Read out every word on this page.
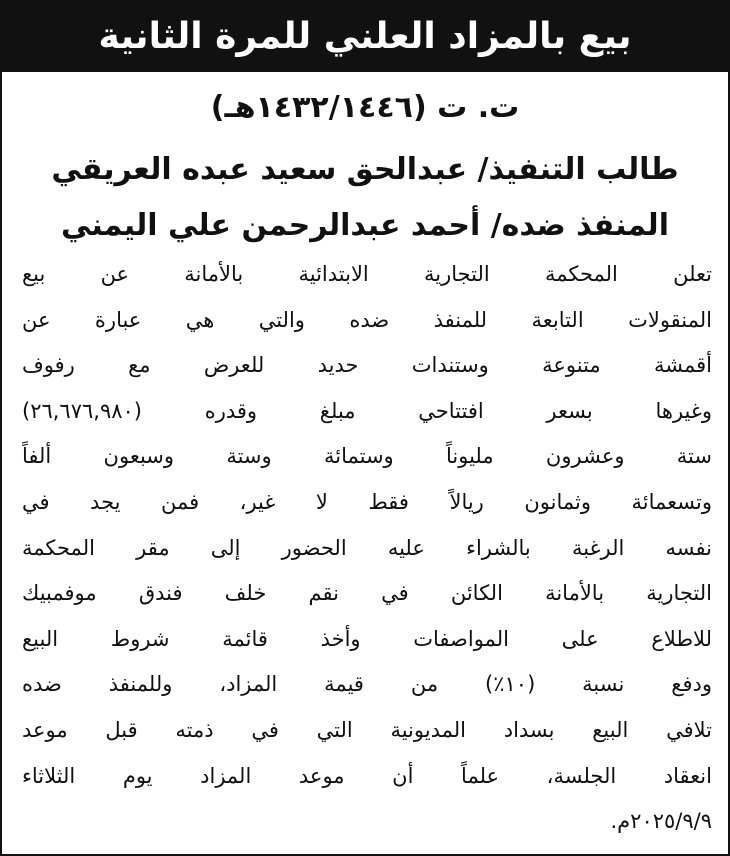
بيع بالمزاد العلني للمرة الثانية
ت. ت (١٤٣٢/١٤٤٦هـ)
طالب التنفيذ/ عبدالحق سعيد عبده العريقي
المنفذ ضده/ أحمد عبدالرحمن علي اليمني
تعلن المحكمة التجارية الابتدائية بالأمانة عن بيع
المنقولات التابعة للمنفذ ضده والتي هي عبارة عن
أقمشة متنوعة وستندات حديد للعرض مع رفوف
وغيرها بسعر افتتاحي مبلغ وقدره (٢٦,٦٧٦,٩٨٠)
ستة وعشرون مليوناً وستمائة وستة وسبعون ألفاً
وتسعمائة وثمانون ريالاً فقط لا غير، فمن يجد في
نفسه الرغبة بالشراء عليه الحضور إلى مقر المحكمة
التجارية بالأمانة الكائن في نقم خلف فندق موفمبيك
للاطلاع على المواصفات وأخذ قائمة شروط البيع
ودفع نسبة (١٠٪) من قيمة المزاد، وللمنفذ ضده
تلافي البيع بسداد المديونية التي في ذمته قبل موعد
انعقاد الجلسة، علماً أن موعد المزاد يوم الثلاثاء
٢٠٢٥/٩/٩م.
